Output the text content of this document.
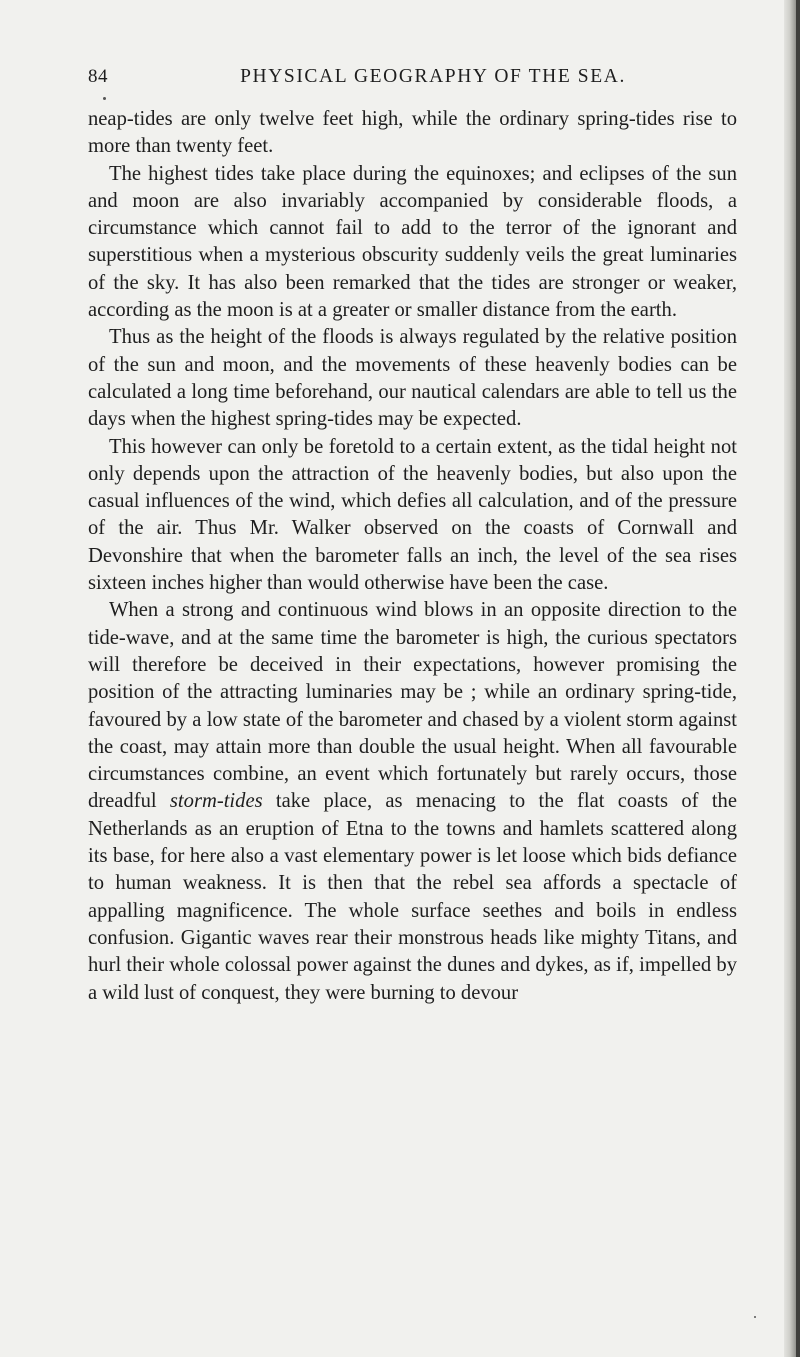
84	PHYSICAL GEOGRAPHY OF THE SEA.

neap-tides are only twelve feet high, while the ordinary spring-tides rise to more than twenty feet.

The highest tides take place during the equinoxes; and eclipses of the sun and moon are also invariably accompanied by considerable floods, a circumstance which cannot fail to add to the terror of the ignorant and superstitious when a mysterious obscurity suddenly veils the great luminaries of the sky. It has also been remarked that the tides are stronger or weaker, according as the moon is at a greater or smaller distance from the earth.

Thus as the height of the floods is always regulated by the relative position of the sun and moon, and the movements of these heavenly bodies can be calculated a long time beforehand, our nautical calendars are able to tell us the days when the highest spring-tides may be expected.

This however can only be foretold to a certain extent, as the tidal height not only depends upon the attraction of the heavenly bodies, but also upon the casual influences of the wind, which defies all calculation, and of the pressure of the air. Thus Mr. Walker observed on the coasts of Cornwall and Devonshire that when the barometer falls an inch, the level of the sea rises sixteen inches higher than would otherwise have been the case.

When a strong and continuous wind blows in an opposite direction to the tide-wave, and at the same time the barometer is high, the curious spectators will therefore be deceived in their expectations, however promising the position of the attracting luminaries may be ; while an ordinary spring-tide, favoured by a low state of the barometer and chased by a violent storm against the coast, may attain more than double the usual height. When all favourable circumstances combine, an event which fortunately but rarely occurs, those dreadful storm-tides take place, as menacing to the flat coasts of the Netherlands as an eruption of Etna to the towns and hamlets scattered along its base, for here also a vast elementary power is let loose which bids defiance to human weakness. It is then that the rebel sea affords a spectacle of appalling magnificence. The whole surface seethes and boils in endless confusion. Gigantic waves rear their monstrous heads like mighty Titans, and hurl their whole colossal power against the dunes and dykes, as if, impelled by a wild lust of conquest, they were burning to devour
